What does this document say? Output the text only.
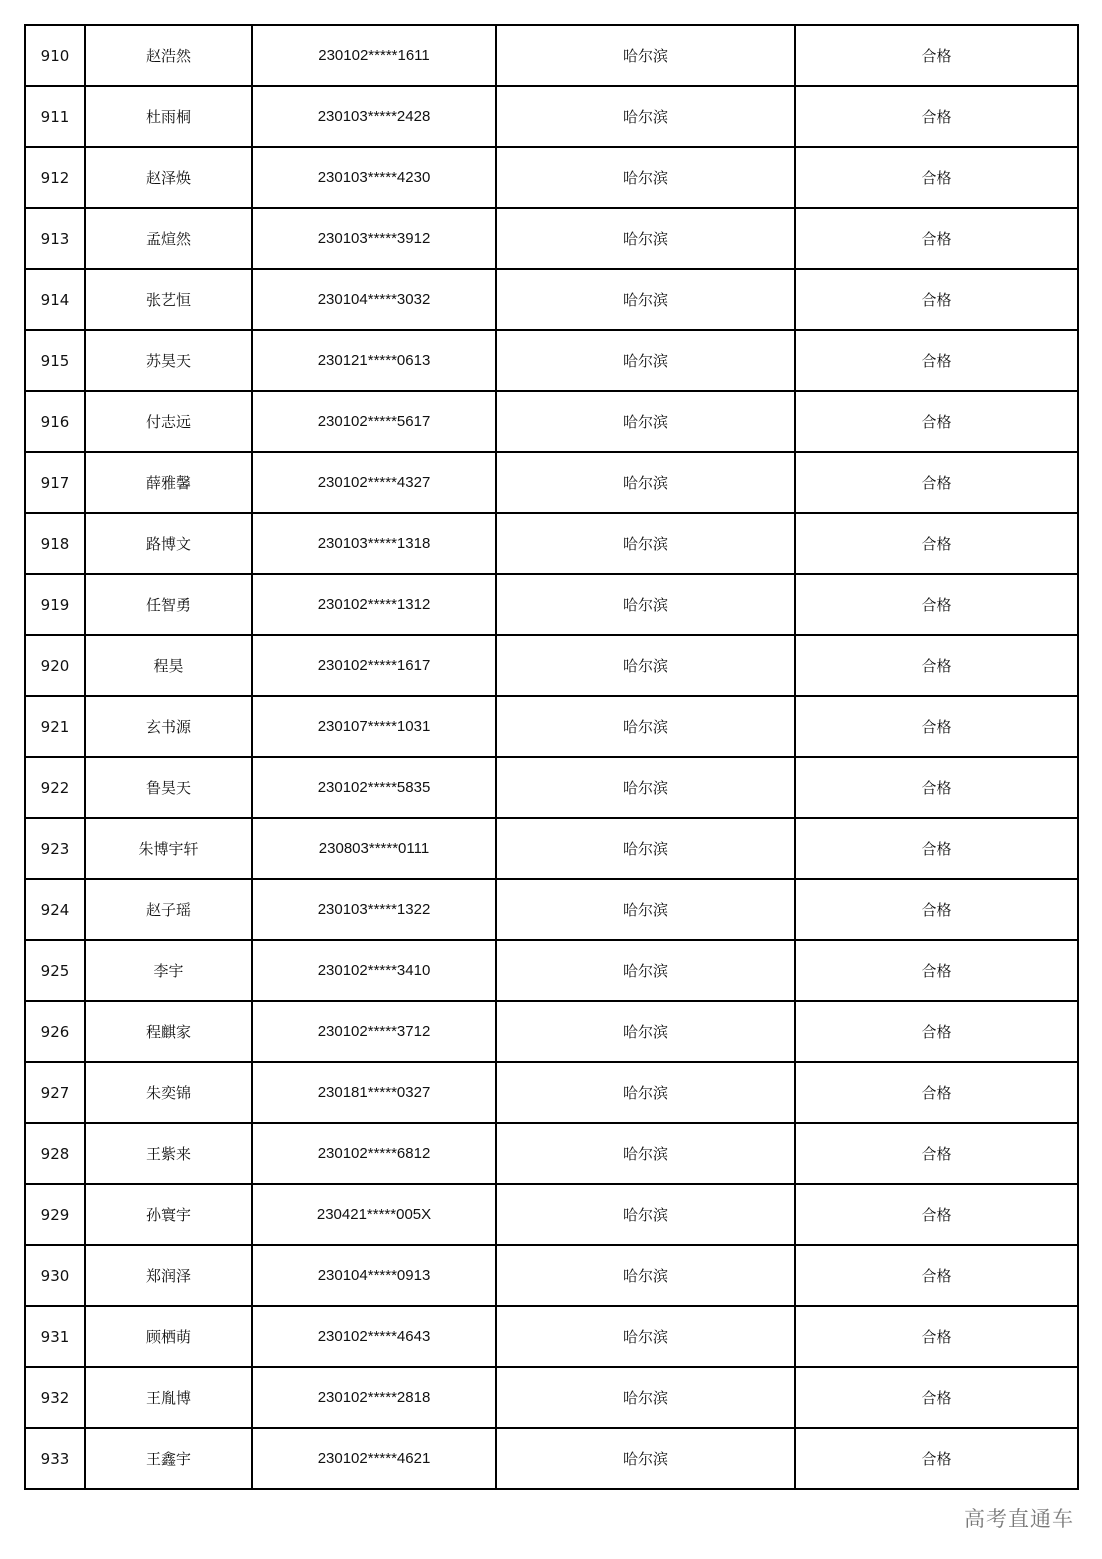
910	赵浩然	230102*****1611	哈尔滨	合格
911	杜雨桐	230103*****2428	哈尔滨	合格
912	赵泽焕	230103*****4230	哈尔滨	合格
913	孟煊然	230103*****3912	哈尔滨	合格
914	张艺恒	230104*****3032	哈尔滨	合格
915	苏昊天	230121*****0613	哈尔滨	合格
916	付志远	230102*****5617	哈尔滨	合格
917	薛雅馨	230102*****4327	哈尔滨	合格
918	路博文	230103*****1318	哈尔滨	合格
919	任智勇	230102*****1312	哈尔滨	合格
920	程昊	230102*****1617	哈尔滨	合格
921	玄书源	230107*****1031	哈尔滨	合格
922	鲁昊天	230102*****5835	哈尔滨	合格
923	朱博宇轩	230803*****0111	哈尔滨	合格
924	赵子瑶	230103*****1322	哈尔滨	合格
925	李宇	230102*****3410	哈尔滨	合格
926	程麒家	230102*****3712	哈尔滨	合格
927	朱奕锦	230181*****0327	哈尔滨	合格
928	王紫来	230102*****6812	哈尔滨	合格
929	孙寰宇	230421*****005X	哈尔滨	合格
930	郑润泽	230104*****0913	哈尔滨	合格
931	顾栖萌	230102*****4643	哈尔滨	合格
932	王胤博	230102*****2818	哈尔滨	合格
933	王鑫宇	230102*****4621	哈尔滨	合格
高考直通车
